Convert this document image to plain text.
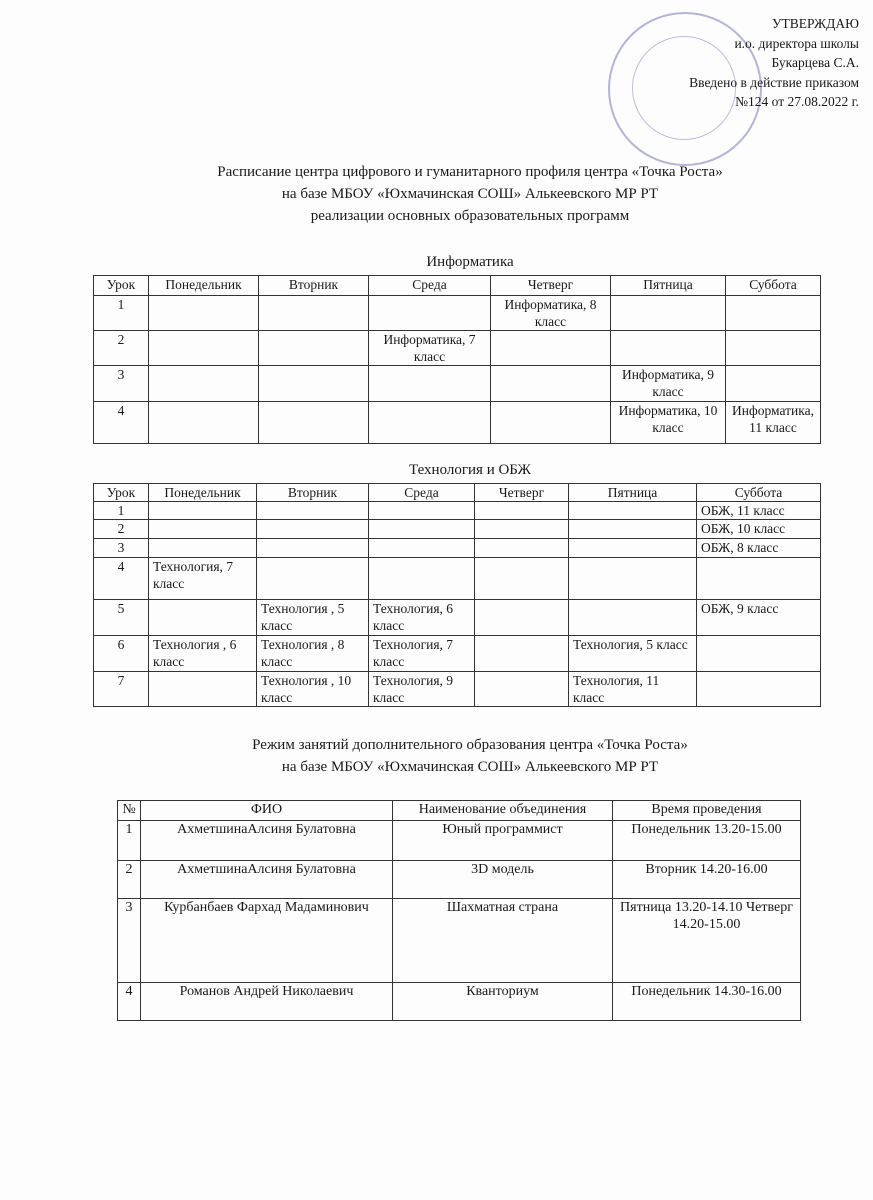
УТВЕРЖДАЮ
и.о. директора школы
Букарцева С.А.
Введено в действие приказом
№124 от 27.08.2022 г.
Расписание центра цифрового и гуманитарного профиля центра «Точка Роста»
на базе МБОУ «Юхмачинская СОШ» Алькеевского МР РТ
реализации основных образовательных программ
Информатика
Урок	Понедельник	Вторник	Среда	Четверг	Пятница	Суббота
1				Информатика, 8 класс		
2			Информатика, 7 класс			
3					Информатика, 9 класс	
4					Информатика, 10 класс	Информатика, 11 класс
Технология и ОБЖ
Урок	Понедельник	Вторник	Среда	Четверг	Пятница	Суббота
1						ОБЖ, 11 класс
2						ОБЖ, 10 класс
3						ОБЖ, 8 класс
4	Технология, 7 класс					
5		Технология , 5 класс	Технология, 6 класс			ОБЖ, 9 класс
6	Технология , 6 класс	Технология , 8 класс	Технология, 7 класс		Технология, 5 класс	
7		Технология , 10 класс	Технология, 9 класс		Технология, 11 класс	
Режим занятий дополнительного образования центра «Точка Роста»
на базе МБОУ «Юхмачинская СОШ» Алькеевского МР РТ
№	ФИО	Наименование объединения	Время проведения
1	АхметшинаАлсиня Булатовна	Юный программист	Понедельник 13.20-15.00
2	АхметшинаАлсиня Булатовна	3D модель	Вторник 14.20-16.00
3	Курбанбаев Фархад Мадаминович	Шахматная страна	Пятница 13.20-14.10 Четверг 14.20-15.00
4	Романов Андрей Николаевич	Кванториум	Понедельник 14.30-16.00
